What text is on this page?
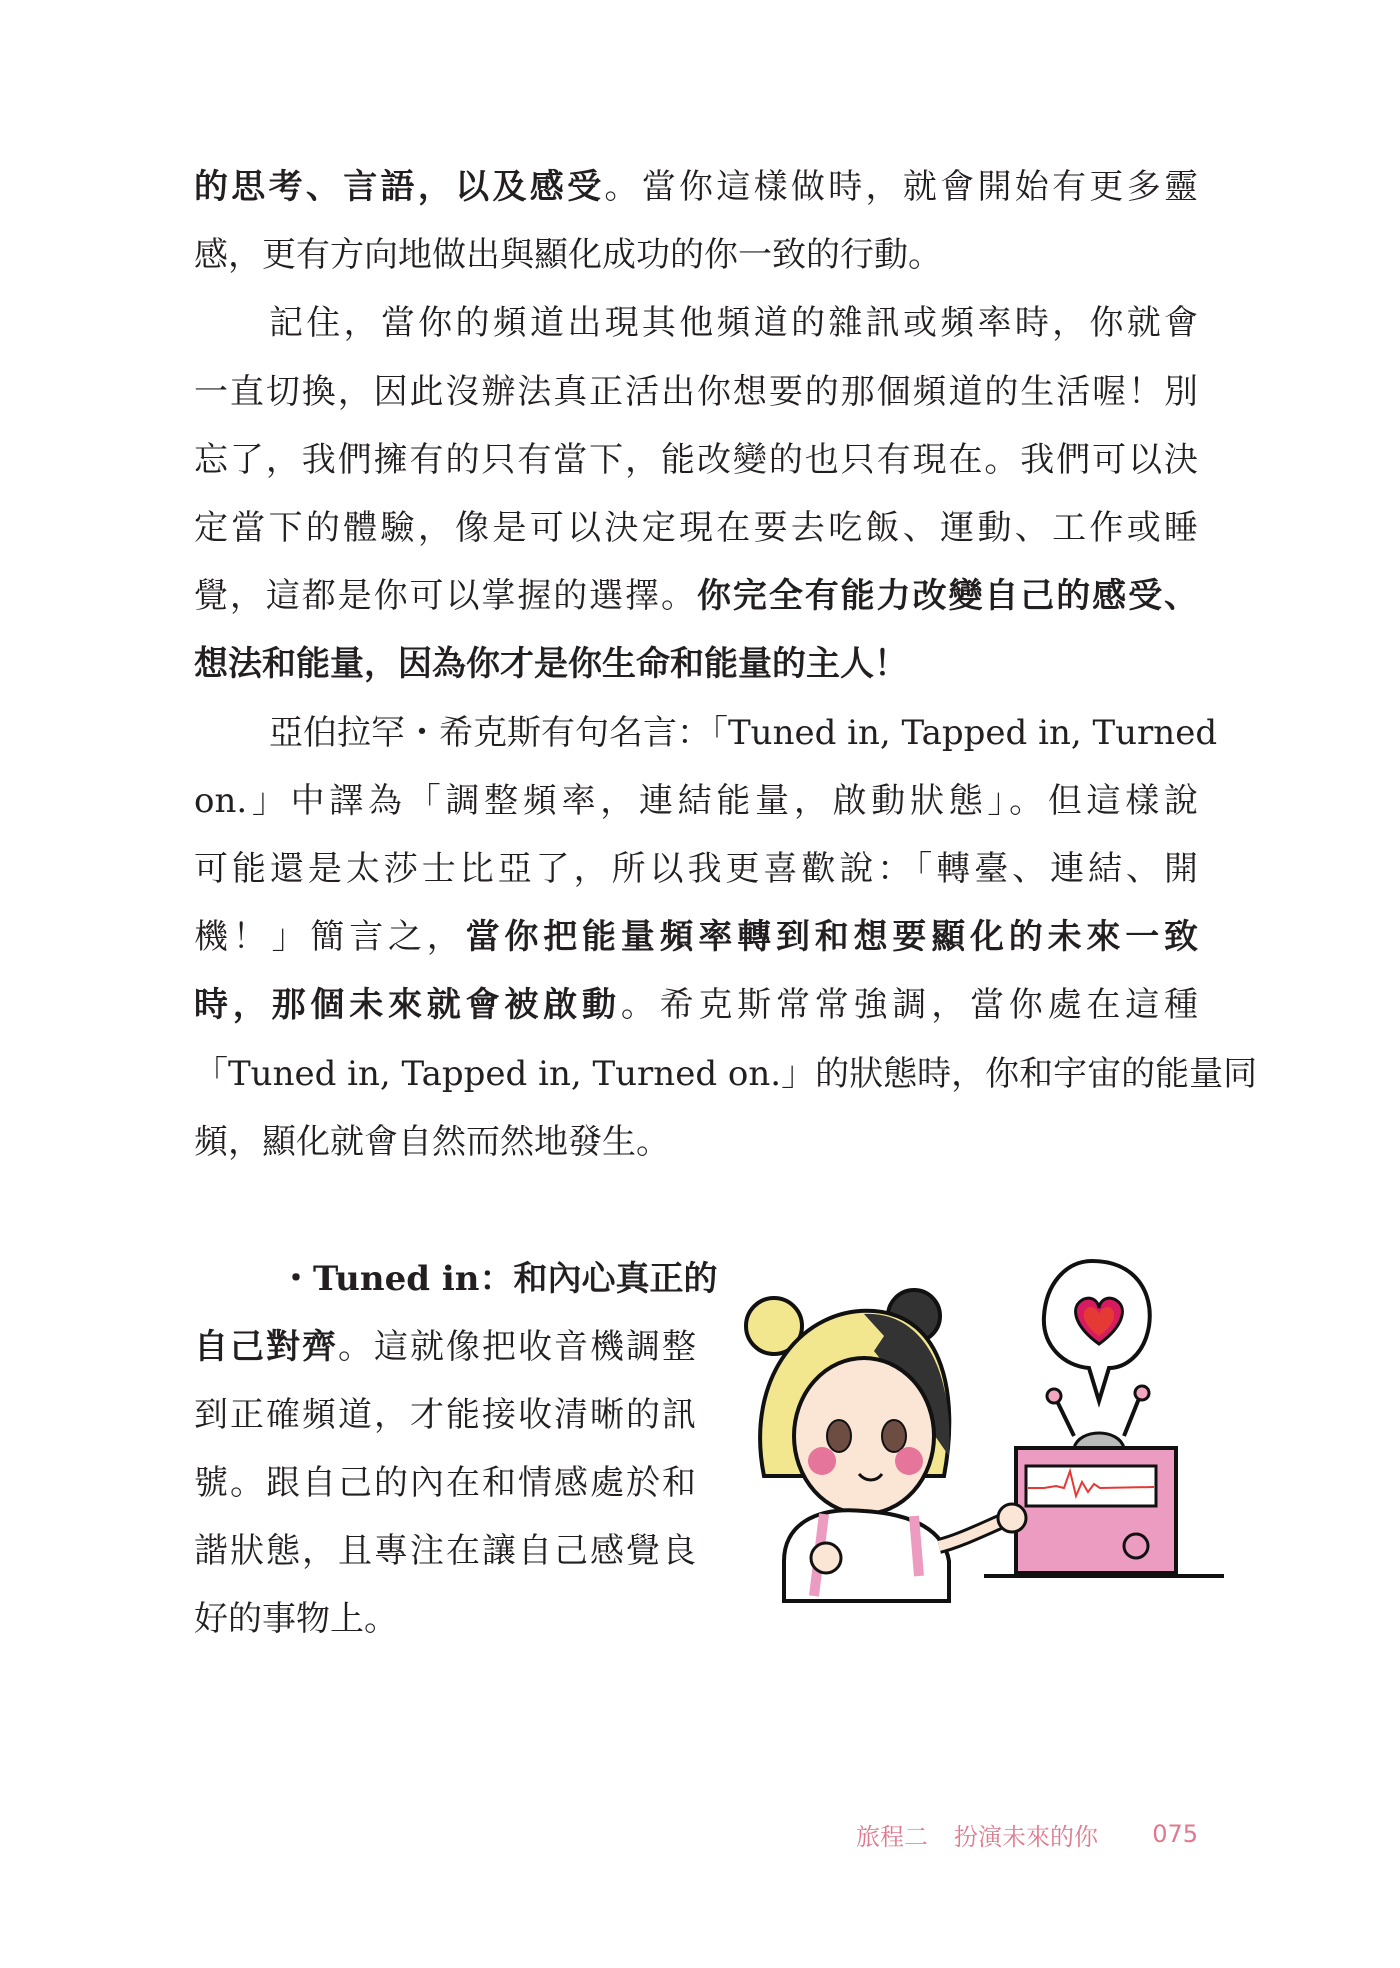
的思考、言語，以及感受。當你這樣做時，就會開始有更多靈
感，更有方向地做出與顯化成功的你一致的行動。
記住，當你的頻道出現其他頻道的雜訊或頻率時，你就會
一直切換，因此沒辦法真正活出你想要的那個頻道的生活喔！別
忘了，我們擁有的只有當下，能改變的也只有現在。我們可以決
定當下的體驗，像是可以決定現在要去吃飯、運動、工作或睡
覺，這都是你可以掌握的選擇。你完全有能力改變自己的感受、
想法和能量，因為你才是你生命和能量的主人！
亞伯拉罕・希克斯有句名言：「Tuned in, Tapped in, Turned
on.」中譯為「調整頻率，連結能量，啟動狀態」。但這樣說
可能還是太莎士比亞了，所以我更喜歡說：「轉臺、連結、開
機！」簡言之，當你把能量頻率轉到和想要顯化的未來一致
時，那個未來就會被啟動。希克斯常常強調，當你處在這種
「Tuned in, Tapped in, Turned on.」的狀態時，你和宇宙的能量同
頻，顯化就會自然而然地發生。
・Tuned in：和內心真正的
自己對齊。這就像把收音機調整
到正確頻道，才能接收清晰的訊
號。跟自己的內在和情感處於和
諧狀態，且專注在讓自己感覺良
好的事物上。
旅程二 扮演未來的你 075
